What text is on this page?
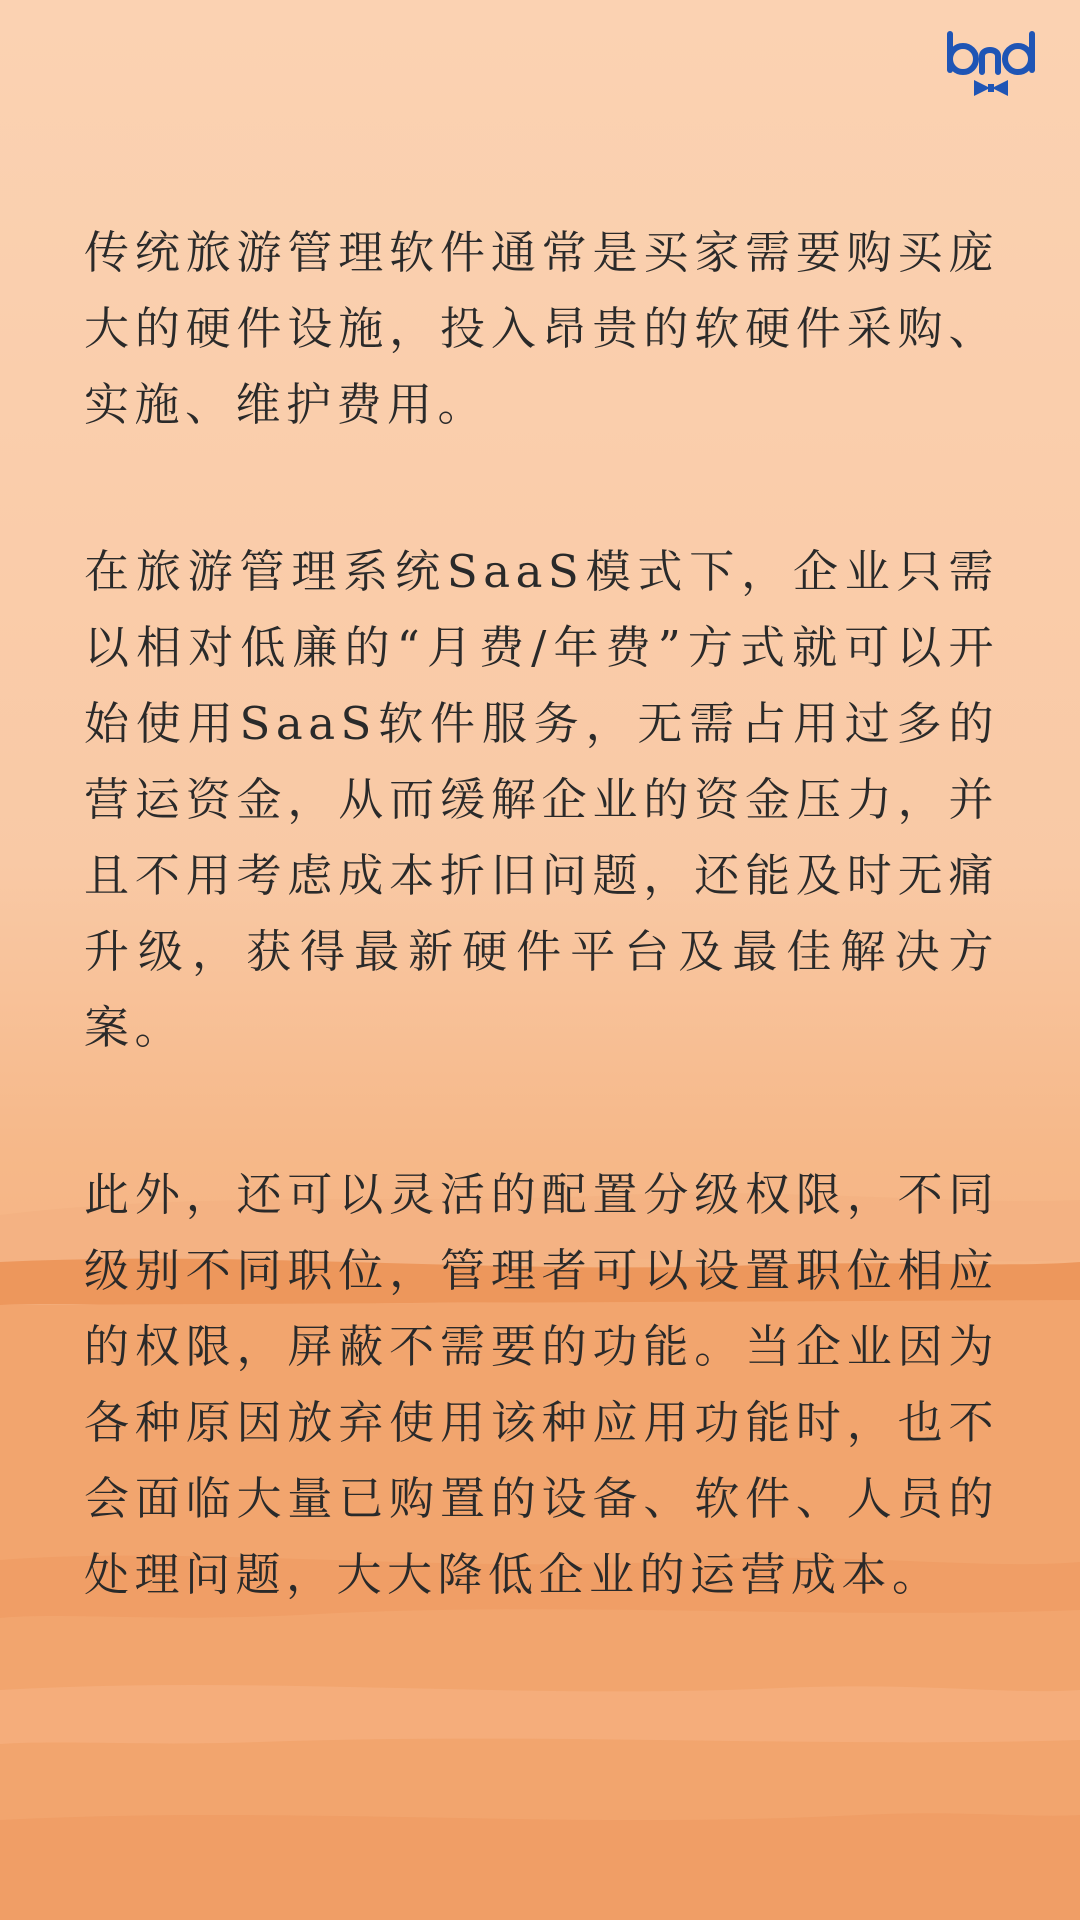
传统旅游管理软件通常是买家需要购买庞大的硬件设施，投入昂贵的软硬件采购、实施、维护费用。

在旅游管理系统SaaS模式下，企业只需以相对低廉的“月费/年费”方式就可以开始使用SaaS软件服务，无需占用过多的营运资金，从而缓解企业的资金压力，并且不用考虑成本折旧问题，还能及时无痛升级，获得最新硬件平台及最佳解决方案。

此外，还可以灵活的配置分级权限，不同级别不同职位，管理者可以设置职位相应的权限，屏蔽不需要的功能。当企业因为各种原因放弃使用该种应用功能时，也不会面临大量已购置的设备、软件、人员的处理问题，大大降低企业的运营成本。
